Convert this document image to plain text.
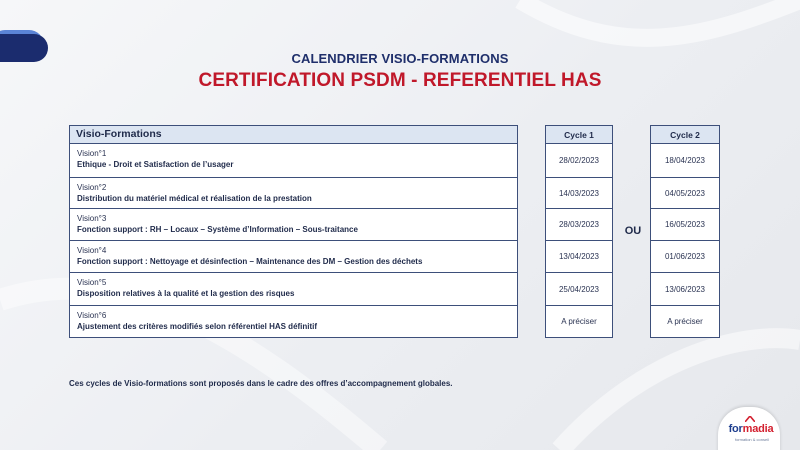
CALENDRIER VISIO-FORMATIONS
CERTIFICATION PSDM - REFERENTIEL HAS
Visio-Formations
Vision°1
Ethique - Droit et Satisfaction de l’usager
Vision°2
Distribution du matériel médical et réalisation de la prestation
Vision°3
Fonction support : RH – Locaux – Système d’Information – Sous-traitance
Vision°4
Fonction support : Nettoyage et désinfection – Maintenance des DM – Gestion des déchets
Vision°5
Disposition relatives à la qualité et la gestion des risques
Vision°6
Ajustement des critères modifiés selon référentiel HAS définitif
Cycle 1
28/02/2023
14/03/2023
28/03/2023
13/04/2023
25/04/2023
A préciser
OU
Cycle 2
18/04/2023
04/05/2023
16/05/2023
01/06/2023
13/06/2023
A préciser
Ces cycles de Visio-formations sont proposés dans le cadre des offres d’accompagnement globales.
formadia
formation & conseil
